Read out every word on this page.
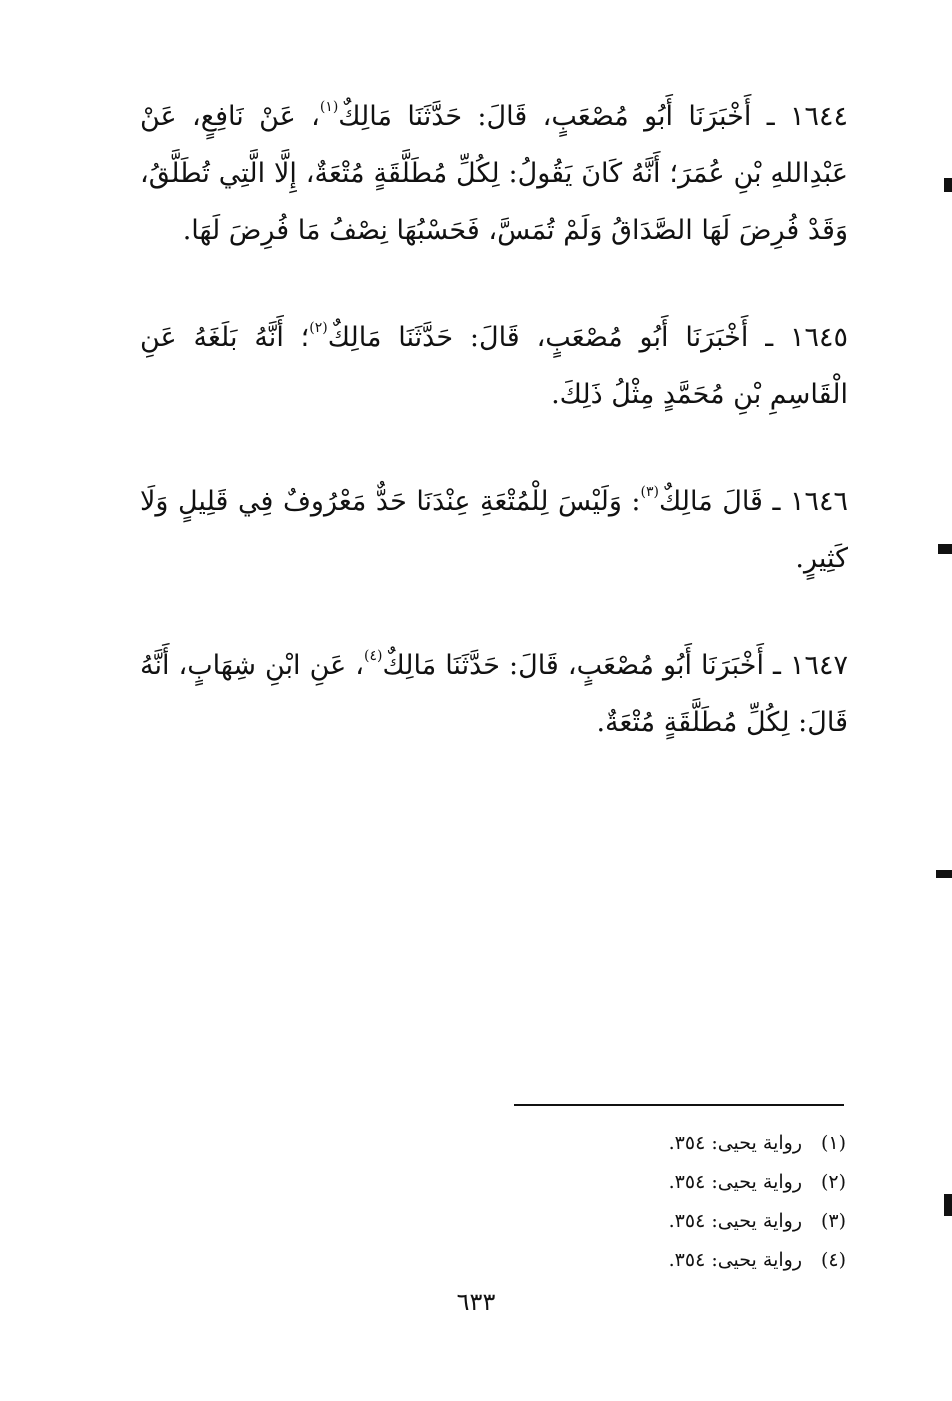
١٦٤٤ ـ أَخْبَرَنَا أَبُو مُصْعَبٍ، قَالَ: حَدَّثَنَا مَالِكٌ$^{(١)}$، عَنْ نَافِعٍ، عَنْ عَبْدِاللهِ بْنِ عُمَرَ؛ أَنَّهُ كَانَ يَقُولُ: لِكُلِّ مُطَلَّقَةٍ مُتْعَةٌ، إِلَّا الَّتِي تُطَلَّقُ، وَقَدْ فُرِضَ لَهَا الصَّدَاقُ وَلَمْ تُمَسَّ، فَحَسْبُهَا نِصْفُ مَا فُرِضَ لَهَا.

١٦٤٥ ـ أَخْبَرَنَا أَبُو مُصْعَبٍ، قَالَ: حَدَّثَنَا مَالِكٌ$^{(٢)}$؛ أَنَّهُ بَلَغَهُ عَنِ الْقَاسِمِ بْنِ مُحَمَّدٍ مِثْلُ ذَلِكَ.

١٦٤٦ ـ قَالَ مَالِكٌ$^{(٣)}$: وَلَيْسَ لِلْمُتْعَةِ عِنْدَنَا حَدٌّ مَعْرُوفٌ فِي قَلِيلٍ وَلَا كَثِيرٍ.

١٦٤٧ ـ أَخْبَرَنَا أَبُو مُصْعَبٍ، قَالَ: حَدَّثَنَا مَالِكٌ$^{(٤)}$، عَنِ ابْنِ شِهَابٍ، أَنَّهُ قَالَ: لِكُلِّ مُطَلَّقَةٍ مُتْعَةٌ.

(١)رواية يحيى: ٣٥٤.
(٢)رواية يحيى: ٣٥٤.
(٣)رواية يحيى: ٣٥٤.
(٤)رواية يحيى: ٣٥٤.
٦٣٣
